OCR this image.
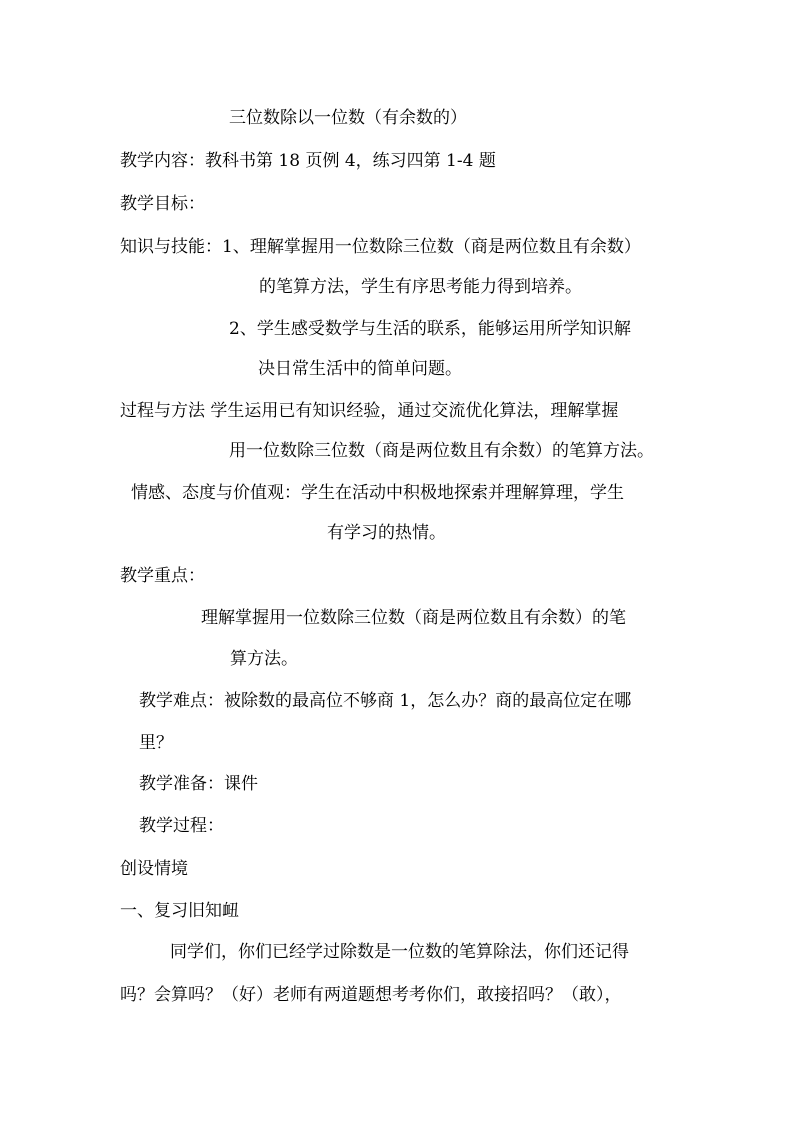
三位数除以一位数（有余数的）
教学内容：教科书第 18 页例 4，练习四第 1-4 题
教学目标：
知识与技能：1、理解掌握用一位数除三位数（商是两位数且有余数）
的笔算方法，学生有序思考能力得到培养。
2、学生感受数学与生活的联系，能够运用所学知识解
决日常生活中的简单问题。
过程与方法 学生运用已有知识经验，通过交流优化算法，理解掌握
用一位数除三位数（商是两位数且有余数）的笔算方法。
情感、态度与价值观：学生在活动中积极地探索并理解算理，学生
有学习的热情。
教学重点：
理解掌握用一位数除三位数（商是两位数且有余数）的笔
算方法。
教学难点：被除数的最高位不够商 1，怎么办？商的最高位定在哪
里？
教学准备：课件
教学过程：
创设情境
一、复习旧知衄
同学们，你们已经学过除数是一位数的笔算除法，你们还记得
吗？会算吗？（好）老师有两道题想考考你们，敢接招吗？（敢），
